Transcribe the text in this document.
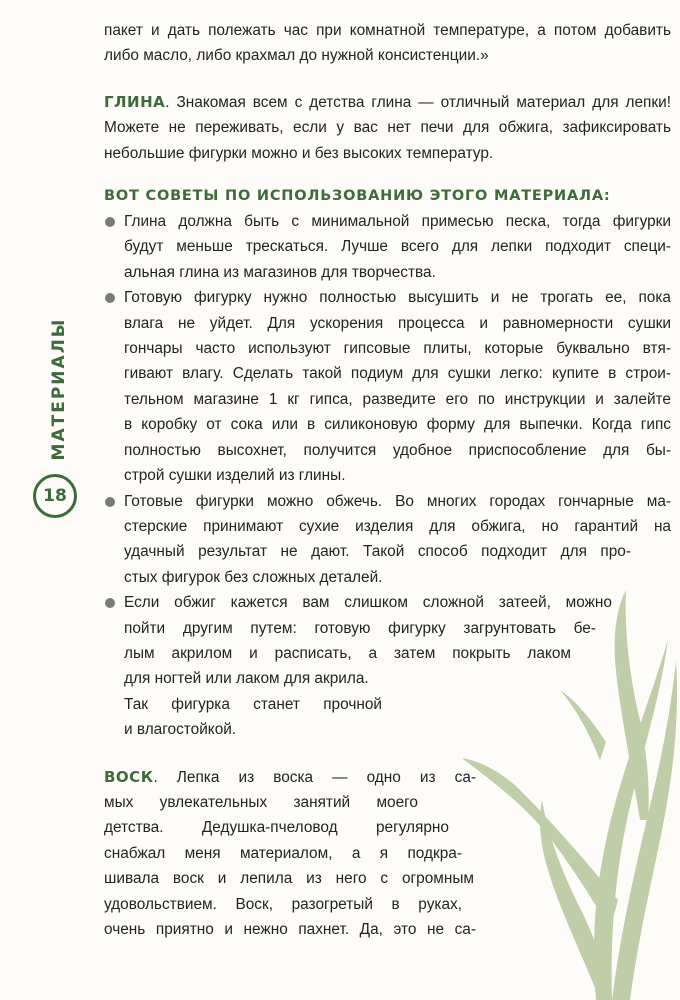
МАТЕРИАЛЫ
18
пакет и дать полежать час при комнатной температуре, а потом добавить
либо масло, либо крахмал до нужной консистенции.»
ГЛИНА. Знакомая всем с детства глина — отличный материал для лепки!
Можете не переживать, если у вас нет печи для обжига, зафиксировать
небольшие фигурки можно и без высоких температур.
ВОТ СОВЕТЫ ПО ИСПОЛЬЗОВАНИЮ ЭТОГО МАТЕРИАЛА:
Глина должна быть с минимальной примесью песка, тогда фигурки
будут меньше трескаться. Лучше всего для лепки подходит специ-
альная глина из магазинов для творчества.
Готовую фигурку нужно полностью высушить и не трогать ее, пока
влага не уйдет. Для ускорения процесса и равномерности сушки
гончары часто используют гипсовые плиты, которые буквально втя-
гивают влагу. Сделать такой подиум для сушки легко: купите в строи-
тельном магазине 1 кг гипса, разведите его по инструкции и залейте
в коробку от сока или в силиконовую форму для выпечки. Когда гипс
полностью высохнет, получится удобное приспособление для бы-
строй сушки изделий из глины.
Готовые фигурки можно обжечь. Во многих городах гончарные ма-
стерские принимают сухие изделия для обжига, но гарантий на
удачный результат не дают. Такой способ подходит для про-
стых фигурок без сложных деталей.
Если обжиг кажется вам слишком сложной затеей, можно
пойти другим путем: готовую фигурку загрунтовать бе-
лым акрилом и расписать, а затем покрыть лаком
для ногтей или лаком для акрила.
Так фигурка станет прочной
и влагостойкой.
ВОСК. Лепка из воска — одно из са-
мых увлекательных занятий моего
детства. Дедушка-пчеловод регулярно
снабжал меня материалом, а я подкра-
шивала воск и лепила из него с огромным
удовольствием. Воск, разогретый в руках,
очень приятно и нежно пахнет. Да, это не са-
